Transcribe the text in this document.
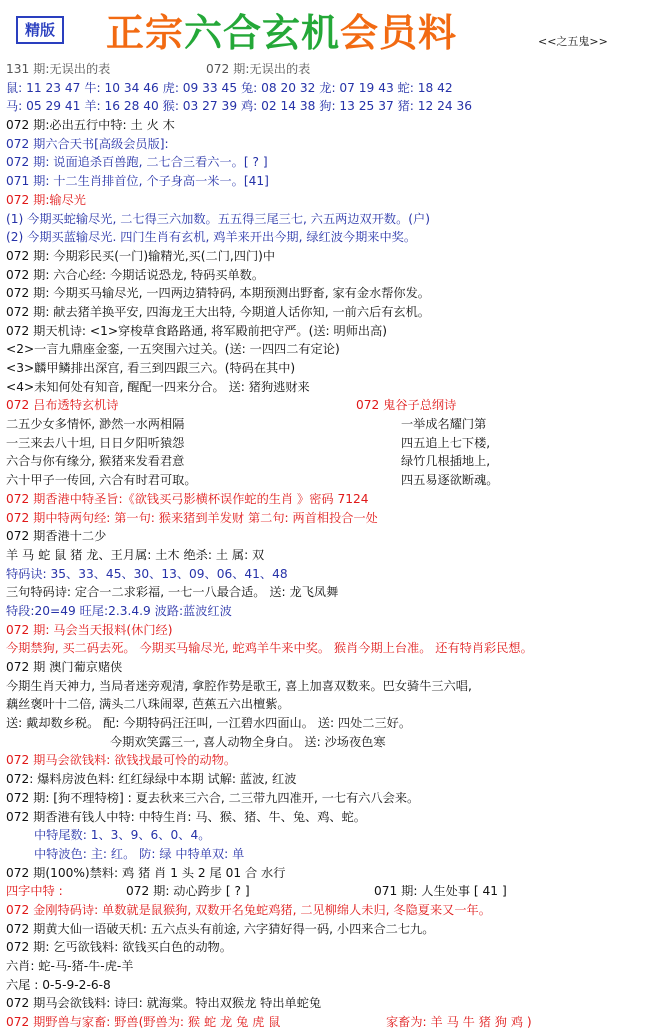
精版 正宗六合玄机会员料	<<之五鬼>>
131 期:无误出的表	072 期:无误出的表
鼠: 11 23 47 牛: 10 34 46 虎: 09 33 45 兔: 08 20 32 龙: 07 19 43 蛇: 18 42
马: 05 29 41 羊: 16 28 40 猴: 03 27 39 鸡: 02 14 38 狗: 13 25 37 猪: 12 24 36
072 期:必出五行中特: 土 火 木
072 期六合天书[高级会员版]:
072 期: 说面追杀百兽跑, 二七合三看六一。[ ? ]
071 期: 十二生肖排首位, 个子身高一米一。[41]
072 期:输尽光
(1) 今期买蛇输尽光, 二七得三六加数。五五得三尾三七, 六五两边双开数。(户)
(2) 今期买蓝输尽光. 四门生肖有玄机, 鸡羊来开出今期, 绿红波今期来中奖。
072 期: 今期彩民买(一门)输精光,买(二门,四门)中
072 期: 六合心经: 今期话说恐龙, 特码买单数。
072 期: 今期买马输尽光, 一四两边猜特码, 本期预测出野畜, 家有金水帮你发。
072 期: 献去猪羊换平安, 四海龙王大出特, 今期道人话你知, 一前六后有玄机。
072 期天机诗: <1>穿梭草食路路通, 将军殿前把守严。(送: 明师出高)
<2>一言九鼎座金銮, 一五突围六过关。(送: 一四四二有定论)
<3>麟甲鳞排出深宫, 看三到四跟三六。(特码在其中)
<4>未知何处有知音, 醒配一四来分合。 送: 猪狗逃财来
072 吕布透特玄机诗	072 鬼谷子总纲诗
二五少女多情怀, 渺然一水两相隔	一举成名耀门第
一三来去八十坦, 日日夕阳听猿怨	四五追上七下楼,
六合与你有缘分, 猴猪来发看君意	绿竹几根插地上,
六十甲子一传回, 六合有时君可取。	四五易逐欲断魂。
072 期香港中特圣旨:《欲钱买弓影横杯误作蛇的生肖 》密码 7124
072 期中特两句经: 第一句: 猴来猪到羊发财 第二句: 两首相投合一处
072 期香港十二少
羊 马 蛇 鼠 猪 龙、王月属: 土木 绝杀: 土 属: 双
特码诀: 35、33、45、30、13、09、06、41、48
三句特码诗: 定合一二求彩福, 一七一八最合适。 送: 龙飞凤舞
特段:20=49 旺尾:2.3.4.9 波路:蓝波红波
072 期: 马会当天报料(休门经)
今期禁狗, 买二码去死。 今期买马输尽光, 蛇鸡羊牛来中奖。 猴肖今期上台准。 还有特肖彩民想。
072 期 澳门葡京赌侠
今期生肖天神力, 当局者迷旁观清, 拿腔作势是歌王, 喜上加喜双数来。巴女骑牛三六唱,
藕丝褒叶十二倍, 满头二八珠闹翠, 芭蕉五六出檀紫。
送: 戴却数乡税。 配: 今期特码汪汪叫, 一江碧水四面山。 送: 四处二三好。
今期欢笑露三一, 喜人动物全身白。 送: 沙场夜色寒
072 期马会欲钱料: 欲钱找最可怜的动物。
072: 爆料房波色料: 红红绿绿中本期 试解: 蓝波, 红波
072 期: [狗不理特榜] : 夏去秋来三六合, 二三带九四准开, 一七有六八会来。
072 期香港有钱人中特: 中特生肖: 马、猴、猪、牛、兔、鸡、蛇。
中特尾数: 1、3、9、6、0、4。
中特波色: 主: 红。 防: 绿 中特单双: 单
072 期(100%)禁料: 鸡 猪 肖 1 头 2 尾 01 合 水行
四字中特 :	072 期: 动心跨步 [ ? ]	071 期: 人生处事 [ 41 ]
072 金刚特码诗: 单数就是鼠猴狗, 双数开名兔蛇鸡猪, 二见柳绵人未归, 冬隐夏来又一年。
072 期黄大仙一语破天机: 五六点头有前途, 六字猜好得一码, 小四来合二七九。
072 期: 乞丐欲钱料: 欲钱买白色的动物。
六肖: 蛇-马-猪-牛-虎-羊
六尾 : 0-5-9-2-6-8
072 期马会欲钱料: 诗曰: 就海棠。特出双猴龙 特出单蛇兔
072 期野兽与家畜: 野兽(野兽为: 猴 蛇 龙 兔 虎 鼠	家畜为: 羊 马 牛 猪 狗 鸡 )
